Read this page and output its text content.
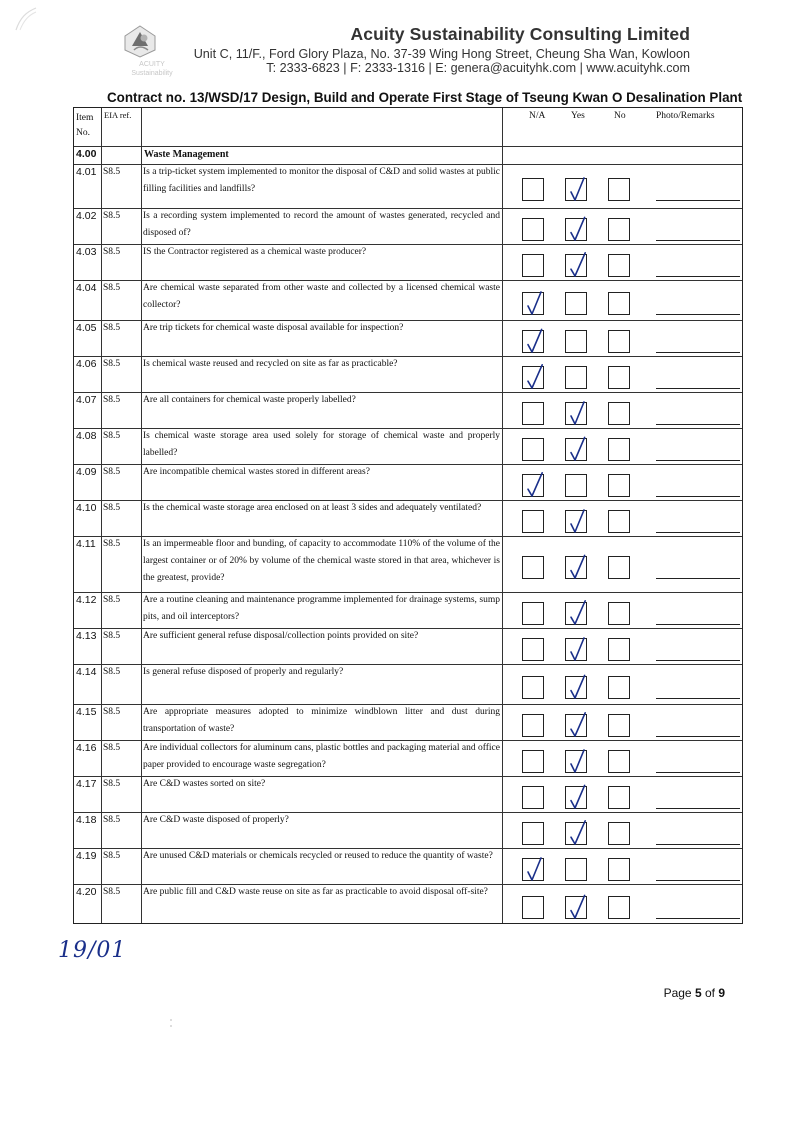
ACUITY
Sustainability
Acuity Sustainability Consulting Limited
Unit C, 11/F., Ford Glory Plaza, No. 37-39 Wing Hong Street, Cheung Sha Wan, Kowloon
T: 2333-6823 | F: 2333-1316 | E: genera@acuityhk.com | www.acuityhk.com
Contract no. 13/WSD/17 Design, Build and Operate First Stage of Tseung Kwan O Desalination Plant
Item
No.
EIA ref.	N/A	Yes	No	Photo/Remarks
4.00	Waste Management
4.01 S8.5 Is a trip-ticket system implemented to monitor the disposal of C&D and solid wastes at public filling facilities and landfills?
4.02 S8.5 Is a recording system implemented to record the amount of wastes generated, recycled and disposed of?
4.03 S8.5 IS the Contractor registered as a chemical waste producer?
4.04 S8.5 Are chemical waste separated from other waste and collected by a licensed chemical waste collector?
4.05 S8.5 Are trip tickets for chemical waste disposal available for inspection?
4.06 S8.5 Is chemical waste reused and recycled on site as far as practicable?
4.07 S8.5 Are all containers for chemical waste properly labelled?
4.08 S8.5 Is chemical waste storage area used solely for storage of chemical waste and properly labelled?
4.09 S8.5 Are incompatible chemical wastes stored in different areas?
4.10 S8.5 Is the chemical waste storage area enclosed on at least 3 sides and adequately ventilated?
4.11 S8.5 Is an impermeable floor and bunding, of capacity to accommodate 110% of the volume of the largest container or of 20% by volume of the chemical waste stored in that area, whichever is the greatest, provide?
4.12 S8.5 Are a routine cleaning and maintenance programme implemented for drainage systems, sump pits, and oil interceptors?
4.13 S8.5 Are sufficient general refuse disposal/collection points provided on site?
4.14 S8.5 Is general refuse disposed of properly and regularly?
4.15 S8.5 Are appropriate measures adopted to minimize windblown litter and dust during transportation of waste?
4.16 S8.5 Are individual collectors for aluminum cans, plastic bottles and packaging material and office paper provided to encourage waste segregation?
4.17 S8.5 Are C&D wastes sorted on site?
4.18 S8.5 Are C&D waste disposed of properly?
4.19 S8.5 Are unused C&D materials or chemicals recycled or reused to reduce the quantity of waste?
4.20 S8.5 Are public fill and C&D waste reuse on site as far as practicable to avoid disposal off-site?
19/01
Page 5 of 9
